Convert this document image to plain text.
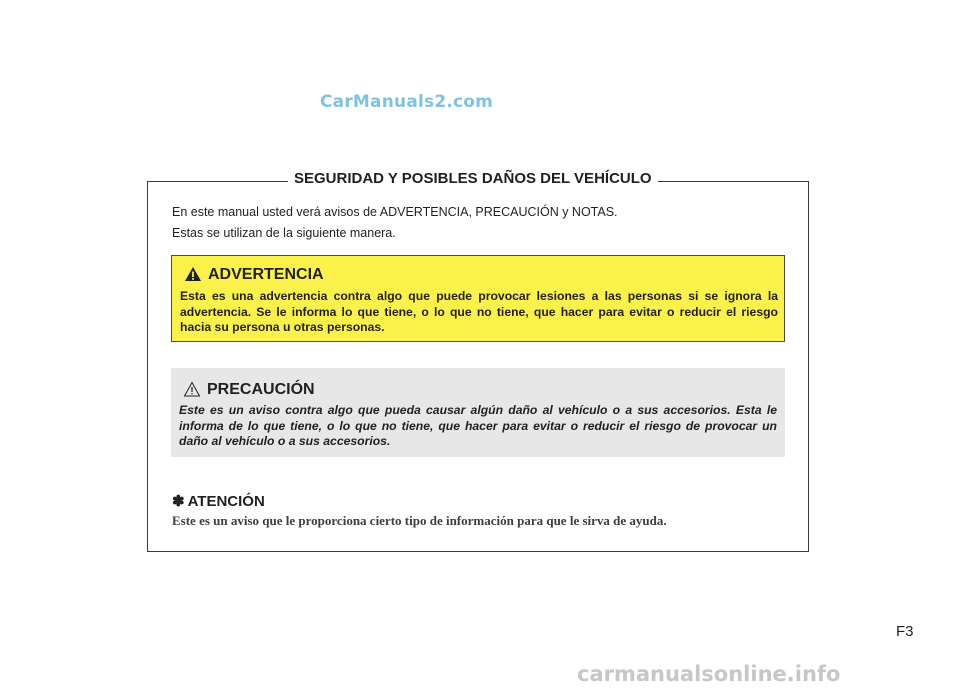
CarManuals2.com
SEGURIDAD Y POSIBLES DAÑOS DEL VEHÍCULO
En este manual usted verá avisos de ADVERTENCIA, PRECAUCIÓN y NOTAS.
Estas se utilizan de la siguiente manera.
ADVERTENCIA
Esta es una advertencia contra algo que puede provocar lesiones a las personas si se ignora la advertencia. Se le informa lo que tiene, o lo que no tiene, que hacer para evitar o reducir el riesgo hacia su persona u otras personas.
PRECAUCIÓN
Este es un aviso contra algo que pueda causar algún daño al vehículo o a sus accesorios. Esta le informa de lo que tiene, o lo que no tiene, que hacer para evitar o reducir el riesgo de provocar un daño al vehículo o a sus accesorios.
✽ ATENCIÓN
Este es un aviso que le proporciona cierto tipo de información para que le sirva de ayuda.
F3
carmanualsonline.info
